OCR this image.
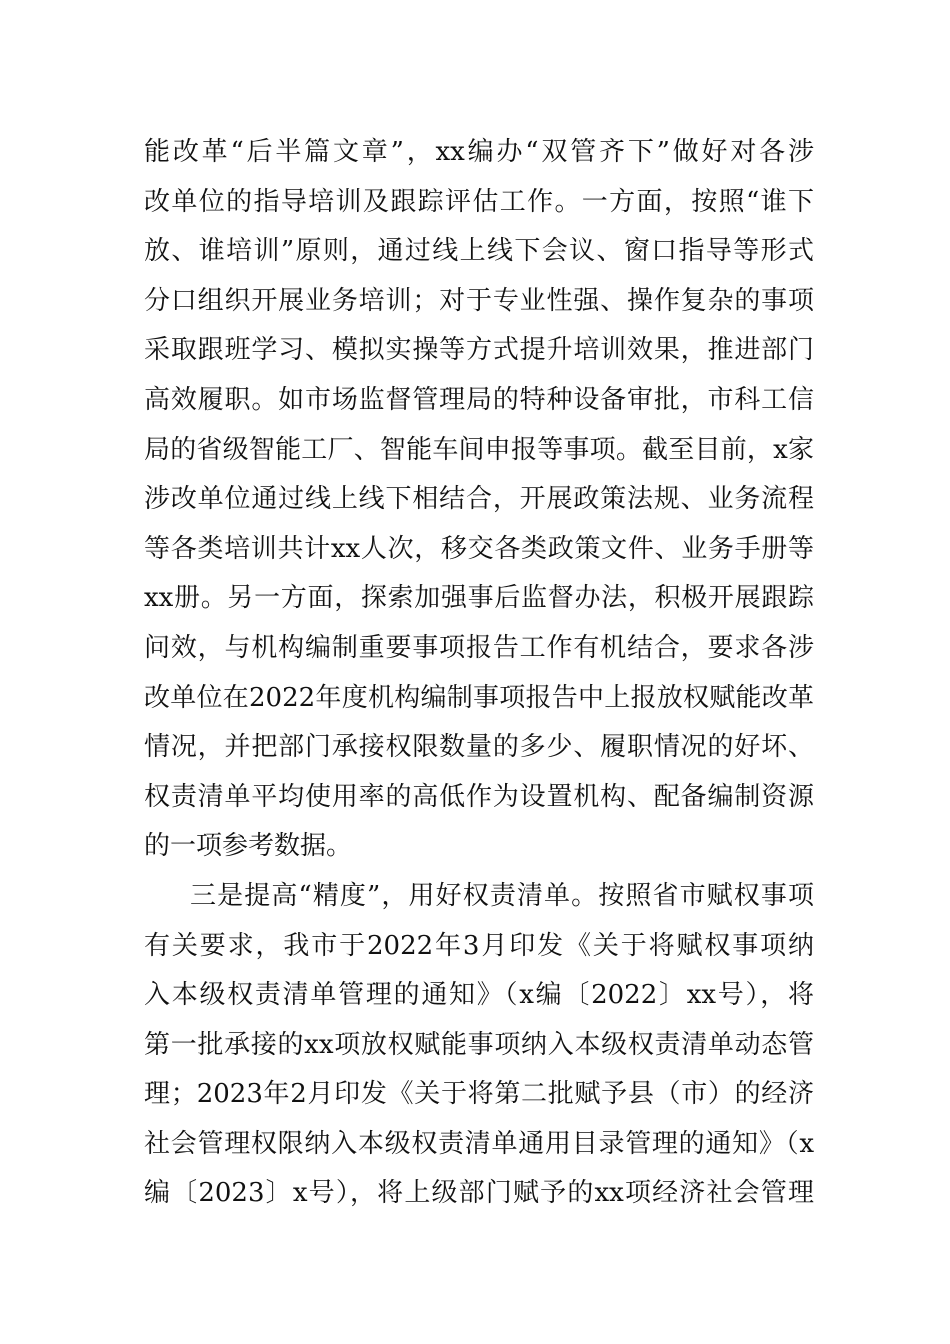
能改革“后半篇文章”，xx编办“双管齐下”做好对各涉
改单位的指导培训及跟踪评估工作。一方面，按照“谁下
放、谁培训”原则，通过线上线下会议、窗口指导等形式
分口组织开展业务培训；对于专业性强、操作复杂的事项
采取跟班学习、模拟实操等方式提升培训效果，推进部门
高效履职。如市场监督管理局的特种设备审批，市科工信
局的省级智能工厂、智能车间申报等事项。截至目前，x家
涉改单位通过线上线下相结合，开展政策法规、业务流程
等各类培训共计xx人次，移交各类政策文件、业务手册等
xx册。另一方面，探索加强事后监督办法，积极开展跟踪
问效，与机构编制重要事项报告工作有机结合，要求各涉
改单位在2022年度机构编制事项报告中上报放权赋能改革
情况，并把部门承接权限数量的多少、履职情况的好坏、
权责清单平均使用率的高低作为设置机构、配备编制资源
的一项参考数据。
三是提高“精度”，用好权责清单。按照省市赋权事项
有关要求，我市于2022年3月印发《关于将赋权事项纳
入本级权责清单管理的通知》（x编〔2022〕xx号），将
第一批承接的xx项放权赋能事项纳入本级权责清单动态管
理；2023年2月印发《关于将第二批赋予县（市）的经济
社会管理权限纳入本级权责清单通用目录管理的通知》（x
编〔2023〕x号），将上级部门赋予的xx项经济社会管理
